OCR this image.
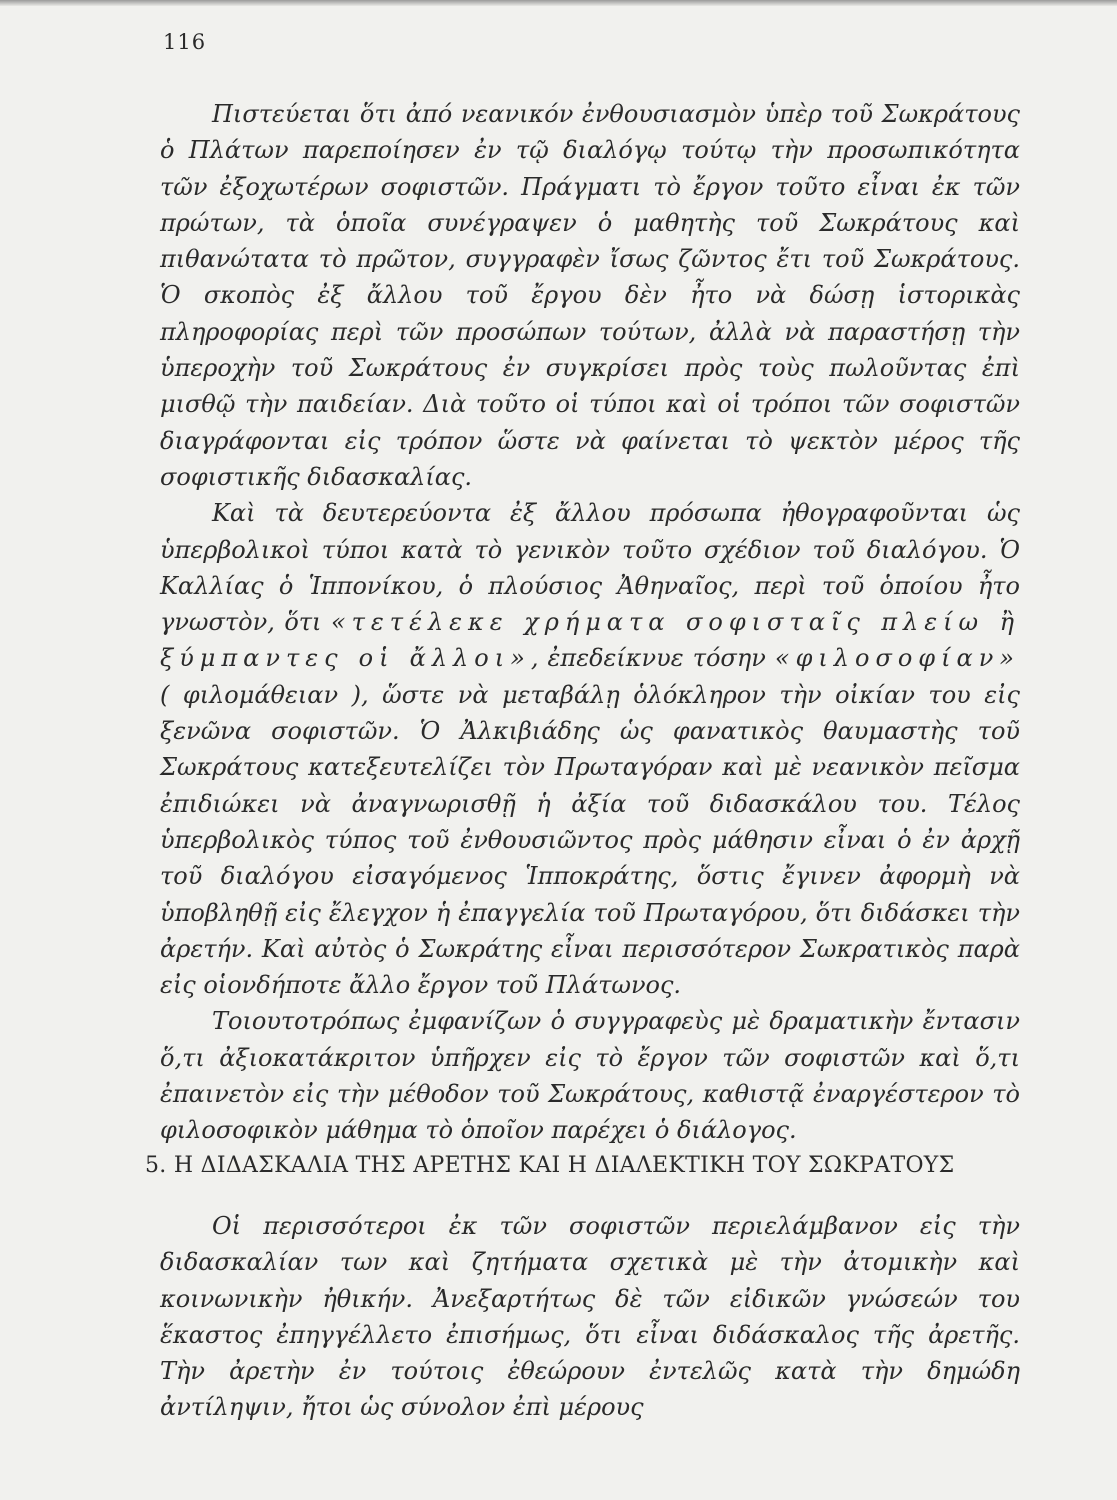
116

Πιστεύεται ὅτι ἀπό νεανικόν ἐνθουσιασμὸν ὑπὲρ τοῦ Σωκράτους ὁ Πλάτων παρεποίησεν ἐν τῷ διαλόγῳ τούτῳ τὴν προσωπικότητα τῶν ἐξοχωτέρων σοφιστῶν. Πράγματι τὸ ἔργον τοῦτο εἶναι ἐκ τῶν πρώτων, τὰ ὁποῖα συνέγραψεν ὁ μαθητὴς τοῦ Σωκράτους καὶ πιθανώτατα τὸ πρῶτον, συγγραφὲν ἴσως ζῶντος ἔτι τοῦ Σωκράτους. Ὁ σκοπὸς ἐξ ἄλλου τοῦ ἔργου δὲν ἦτο νὰ δώσῃ ἱστορικὰς πληροφορίας περὶ τῶν προσώπων τούτων, ἀλλὰ νὰ παραστήσῃ τὴν ὑπεροχὴν τοῦ Σωκράτους ἐν συγκρίσει πρὸς τοὺς πωλοῦντας ἐπὶ μισθῷ τὴν παιδείαν. Διὰ τοῦτο οἱ τύποι καὶ οἱ τρόποι τῶν σοφιστῶν διαγράφονται εἰς τρόπον ὥστε νὰ φαίνεται τὸ ψεκτὸν μέρος τῆς σοφιστικῆς διδασκαλίας.

Καὶ τὰ δευτερεύοντα ἐξ ἄλλου πρόσωπα ἠθογραφοῦνται ὡς ὑπερβολικοὶ τύποι κατὰ τὸ γενικὸν τοῦτο σχέδιον τοῦ διαλόγου. Ὁ Καλλίας ὁ Ἱππονίκου, ὁ πλούσιος Ἀθηναῖος, περὶ τοῦ ὁποίου ἦτο γνωστὸν, ὅτι «τετέλεκε χρήματα σοφισταῖς πλείω ἢ ξύμπαντες οἱ ἄλλοι», ἐπεδείκνυε τόσην «φιλοσοφίαν» ( φιλομάθειαν ), ὥστε νὰ μεταβάλῃ ὁλόκληρον τὴν οἰκίαν του εἰς ξενῶνα σοφιστῶν. Ὁ Ἀλκιβιάδης ὡς φανατικὸς θαυμαστὴς τοῦ Σωκράτους κατεξευτελίζει τὸν Πρωταγόραν καὶ μὲ νεανικὸν πεῖσμα ἐπιδιώκει νὰ ἀναγνωρισθῇ ἡ ἀξία τοῦ διδασκάλου του. Τέλος ὑπερβολικὸς τύπος τοῦ ἐνθουσιῶντος πρὸς μάθησιν εἶναι ὁ ἐν ἀρχῇ τοῦ διαλόγου εἰσαγόμενος Ἱπποκράτης, ὅστις ἔγινεν ἀφορμὴ νὰ ὑποβληθῇ εἰς ἔλεγχον ἡ ἐπαγγελία τοῦ Πρωταγόρου, ὅτι διδάσκει τὴν ἀρετήν. Καὶ αὐτὸς ὁ Σωκράτης εἶναι περισσότερον Σωκρατικὸς παρὰ εἰς οἱονδήποτε ἄλλο ἔργον τοῦ Πλάτωνος.

Τοιουτοτρόπως ἐμφανίζων ὁ συγγραφεὺς μὲ δραματικὴν ἔντασιν ὅ,τι ἀξιοκατάκριτον ὑπῆρχεν εἰς τὸ ἔργον τῶν σοφιστῶν καὶ ὅ,τι ἐπαινετὸν εἰς τὴν μέθοδον τοῦ Σωκράτους, καθιστᾷ ἐναργέστερον τὸ φιλοσοφικὸν μάθημα τὸ ὁποῖον παρέχει ὁ διάλογος.

5. Η ΔΙΔΑΣΚΑΛΙΑ ΤΗΣ ΑΡΕΤΗΣ ΚΑΙ Η ΔΙΑΛΕΚΤΙΚΗ ΤΟΥ ΣΩΚΡΑΤΟΥΣ

Οἱ περισσότεροι ἐκ τῶν σοφιστῶν περιελάμβανον εἰς τὴν διδασκαλίαν των καὶ ζητήματα σχετικὰ μὲ τὴν ἀτομικὴν καὶ κοινωνικὴν ἠθικήν. Ἀνεξαρτήτως δὲ τῶν εἰδικῶν γνώσεών του ἕκαστος ἐπηγγέλλετο ἐπισήμως, ὅτι εἶναι διδάσκαλος τῆς ἀρετῆς. Τὴν ἀρετὴν ἐν τούτοις ἐθεώρουν ἐντελῶς κατὰ τὴν δημώδη ἀντίληψιν, ἤτοι ὡς σύνολον ἐπὶ μέρους
